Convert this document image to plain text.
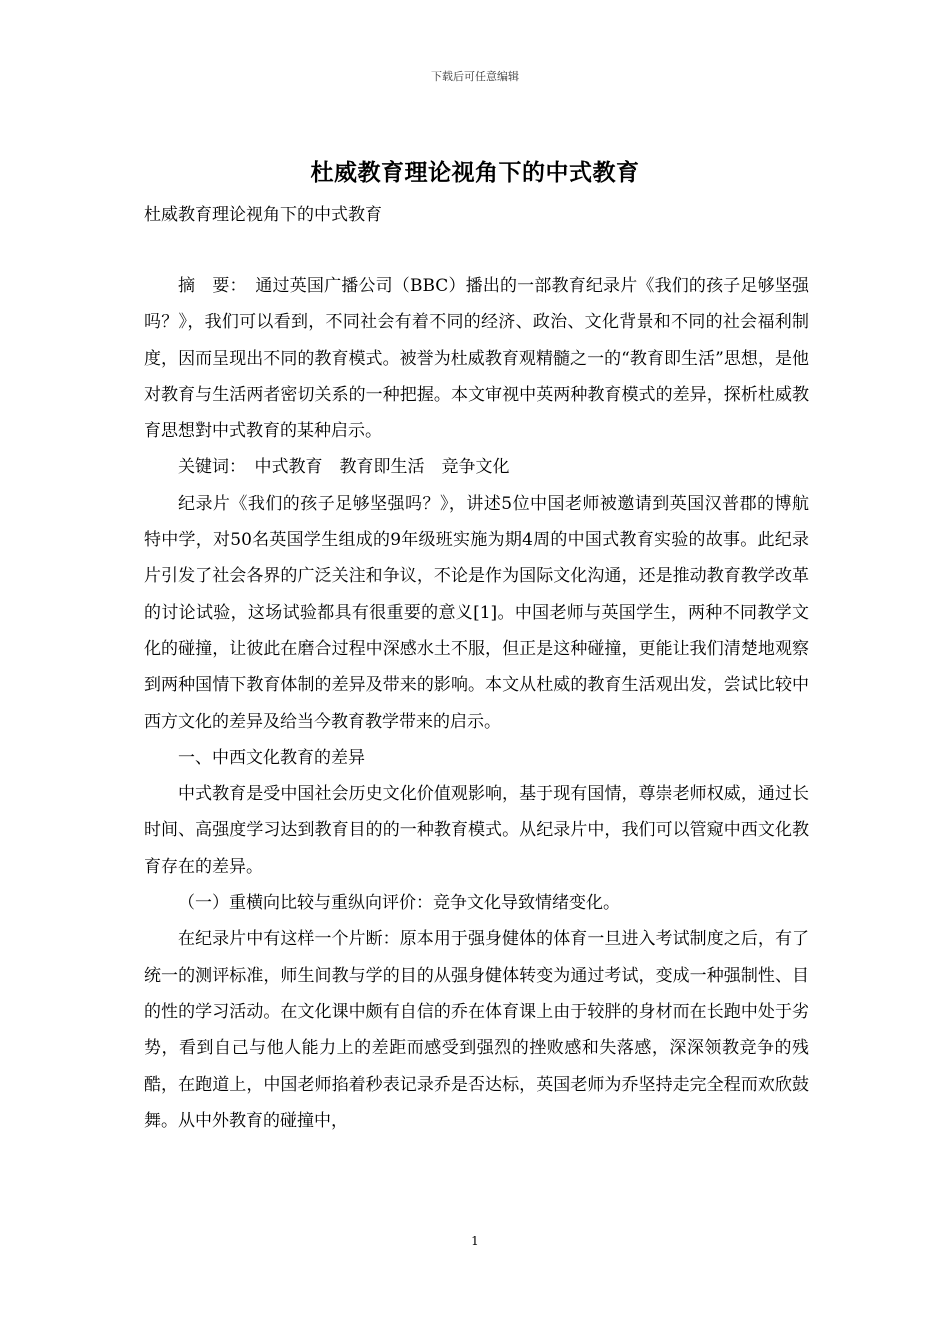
下载后可任意编辑
杜威教育理论视角下的中式教育
杜威教育理论视角下的中式教育

摘　要：　通过英国广播公司（BBC）播出的一部教育纪录片《我们的孩子足够坚强吗？》，我们可以看到，不同社会有着不同的经济、政治、文化背景和不同的社会福利制度，因而呈现出不同的教育模式。被誉为杜威教育观精髓之一的“教育即生活”思想，是他对教育与生活两者密切关系的一种把握。本文审视中英两种教育模式的差异，探析杜威教育思想對中式教育的某种启示。

关键词：　中式教育　教育即生活　竞争文化

纪录片《我们的孩子足够坚强吗？》，讲述5位中国老师被邀请到英国汉普郡的博航特中学，对50名英国学生组成的9年级班实施为期4周的中国式教育实验的故事。此纪录片引发了社会各界的广泛关注和争议，不论是作为国际文化沟通，还是推动教育教学改革的讨论试验，这场试验都具有很重要的意义[1]。中国老师与英国学生，两种不同教学文化的碰撞，让彼此在磨合过程中深感水土不服，但正是这种碰撞，更能让我们清楚地观察到两种国情下教育体制的差异及带来的影响。本文从杜威的教育生活观出发，尝试比较中西方文化的差异及给当今教育教学带来的启示。

一、中西文化教育的差异

中式教育是受中国社会历史文化价值观影响，基于现有国情，尊崇老师权威，通过长时间、高强度学习达到教育目的的一种教育模式。从纪录片中，我们可以管窥中西文化教育存在的差异。

（一）重横向比较与重纵向评价：竞争文化导致情绪变化。

在纪录片中有这样一个片断：原本用于强身健体的体育一旦进入考试制度之后，有了统一的测评标准，师生间教与学的目的从强身健体转变为通过考试，变成一种强制性、目的性的学习活动。在文化课中颇有自信的乔在体育课上由于较胖的身材而在长跑中处于劣势，看到自己与他人能力上的差距而感受到强烈的挫败感和失落感，深深领教竞争的残酷，在跑道上，中国老师掐着秒表记录乔是否达标，英国老师为乔坚持走完全程而欢欣鼓舞。从中外教育的碰撞中，

1
